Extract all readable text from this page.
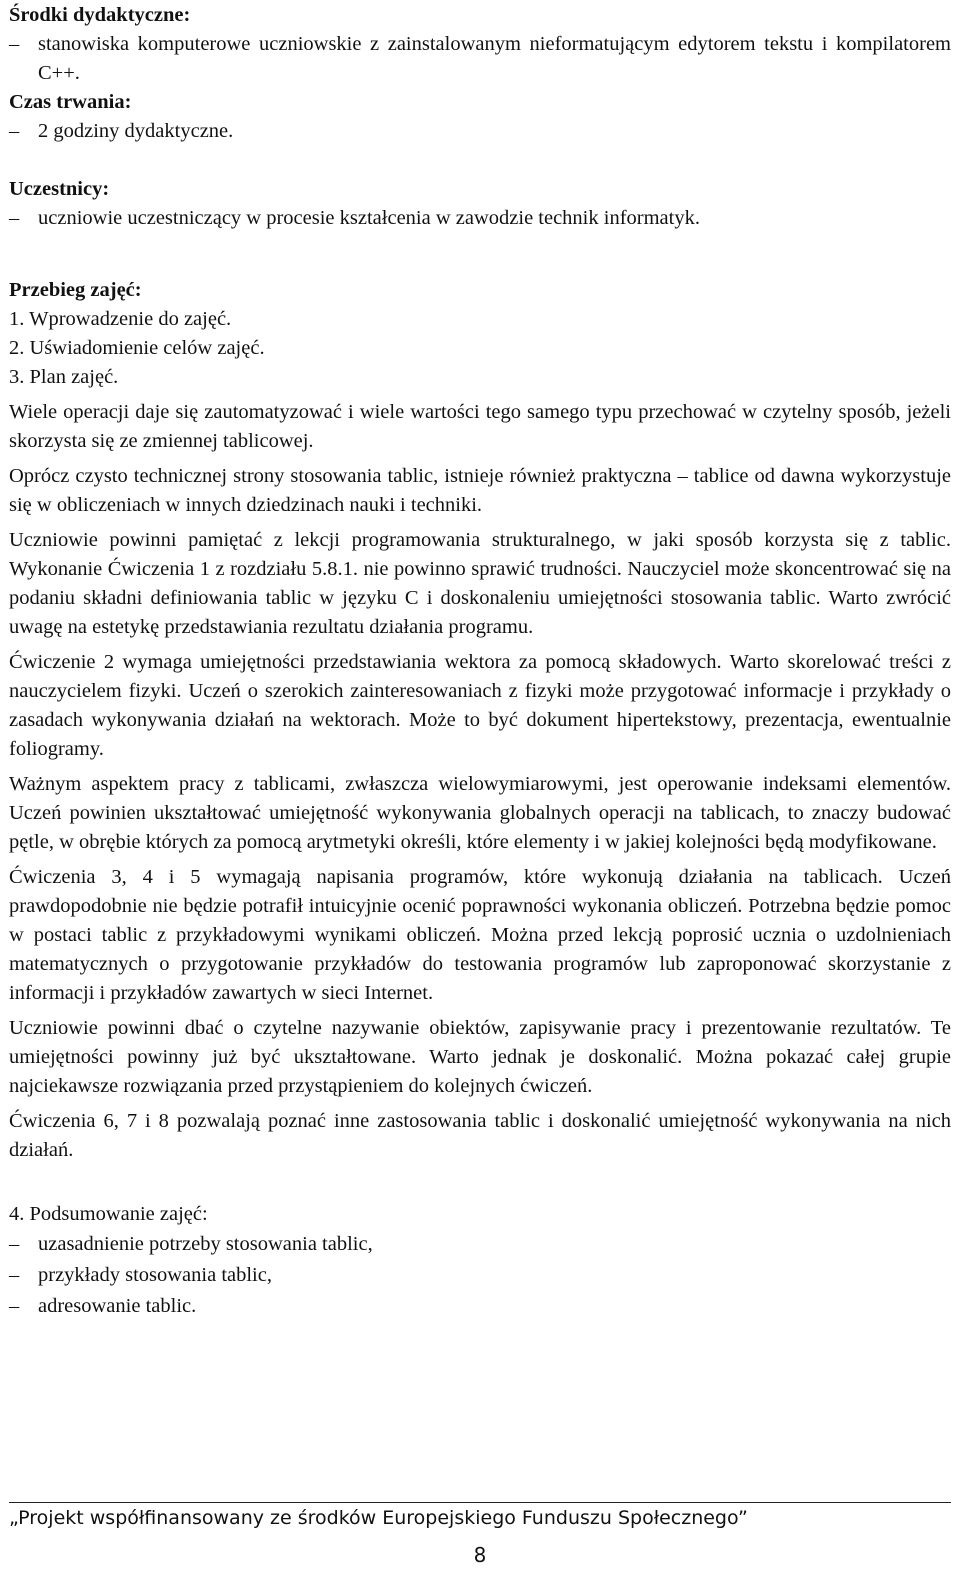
Środki dydaktyczne:

– stanowiska komputerowe uczniowskie z zainstalowanym nieformatującym edytorem tekstu i kompilatorem C++.

Czas trwania:

– 2 godziny dydaktyczne.

Uczestnicy:

– uczniowie uczestniczący w procesie kształcenia w zawodzie technik informatyk.

Przebieg zajęć:

1. Wprowadzenie do zajęć.

2. Uświadomienie celów zajęć.

3. Plan zajęć.

Wiele operacji daje się zautomatyzować i wiele wartości tego samego typu przechować w czytelny sposób, jeżeli skorzysta się ze zmiennej tablicowej.

Oprócz czysto technicznej strony stosowania tablic, istnieje również praktyczna – tablice od dawna wykorzystuje się w obliczeniach w innych dziedzinach nauki i techniki.

Uczniowie powinni pamiętać z lekcji programowania strukturalnego, w jaki sposób korzysta się z tablic. Wykonanie Ćwiczenia 1 z rozdziału 5.8.1. nie powinno sprawić trudności. Nauczyciel może skoncentrować się na podaniu składni definiowania tablic w języku C i doskonaleniu umiejętności stosowania tablic. Warto zwrócić uwagę na estetykę przedstawiania rezultatu działania programu.

Ćwiczenie 2 wymaga umiejętności przedstawiania wektora za pomocą składowych. Warto skorelować treści z nauczycielem fizyki. Uczeń o szerokich zainteresowaniach z fizyki może przygotować informacje i przykłady o zasadach wykonywania działań na wektorach. Może to być dokument hipertekstowy, prezentacja, ewentualnie foliogramy.

Ważnym aspektem pracy z tablicami, zwłaszcza wielowymiarowymi, jest operowanie indeksami elementów. Uczeń powinien ukształtować umiejętność wykonywania globalnych operacji na tablicach, to znaczy budować pętle, w obrębie których za pomocą arytmetyki określi, które elementy i w jakiej kolejności będą modyfikowane.

Ćwiczenia 3, 4 i 5 wymagają napisania programów, które wykonują działania na tablicach. Uczeń prawdopodobnie nie będzie potrafił intuicyjnie ocenić poprawności wykonania obliczeń. Potrzebna będzie pomoc w postaci tablic z przykładowymi wynikami obliczeń. Można przed lekcją poprosić ucznia o uzdolnieniach matematycznych o przygotowanie przykładów do testowania programów lub zaproponować skorzystanie z informacji i przykładów zawartych w sieci Internet.

Uczniowie powinni dbać o czytelne nazywanie obiektów, zapisywanie pracy i prezentowanie rezultatów. Te umiejętności powinny już być ukształtowane. Warto jednak je doskonalić. Można pokazać całej grupie najciekawsze rozwiązania przed przystąpieniem do kolejnych ćwiczeń.

Ćwiczenia 6, 7 i 8 pozwalają poznać inne zastosowania tablic i doskonalić umiejętność wykonywania na nich działań.

4. Podsumowanie zajęć:

– uzasadnienie potrzeby stosowania tablic,
– przykłady stosowania tablic,
– adresowanie tablic.
„Projekt współfinansowany ze środków Europejskiego Funduszu Społecznego”
8
